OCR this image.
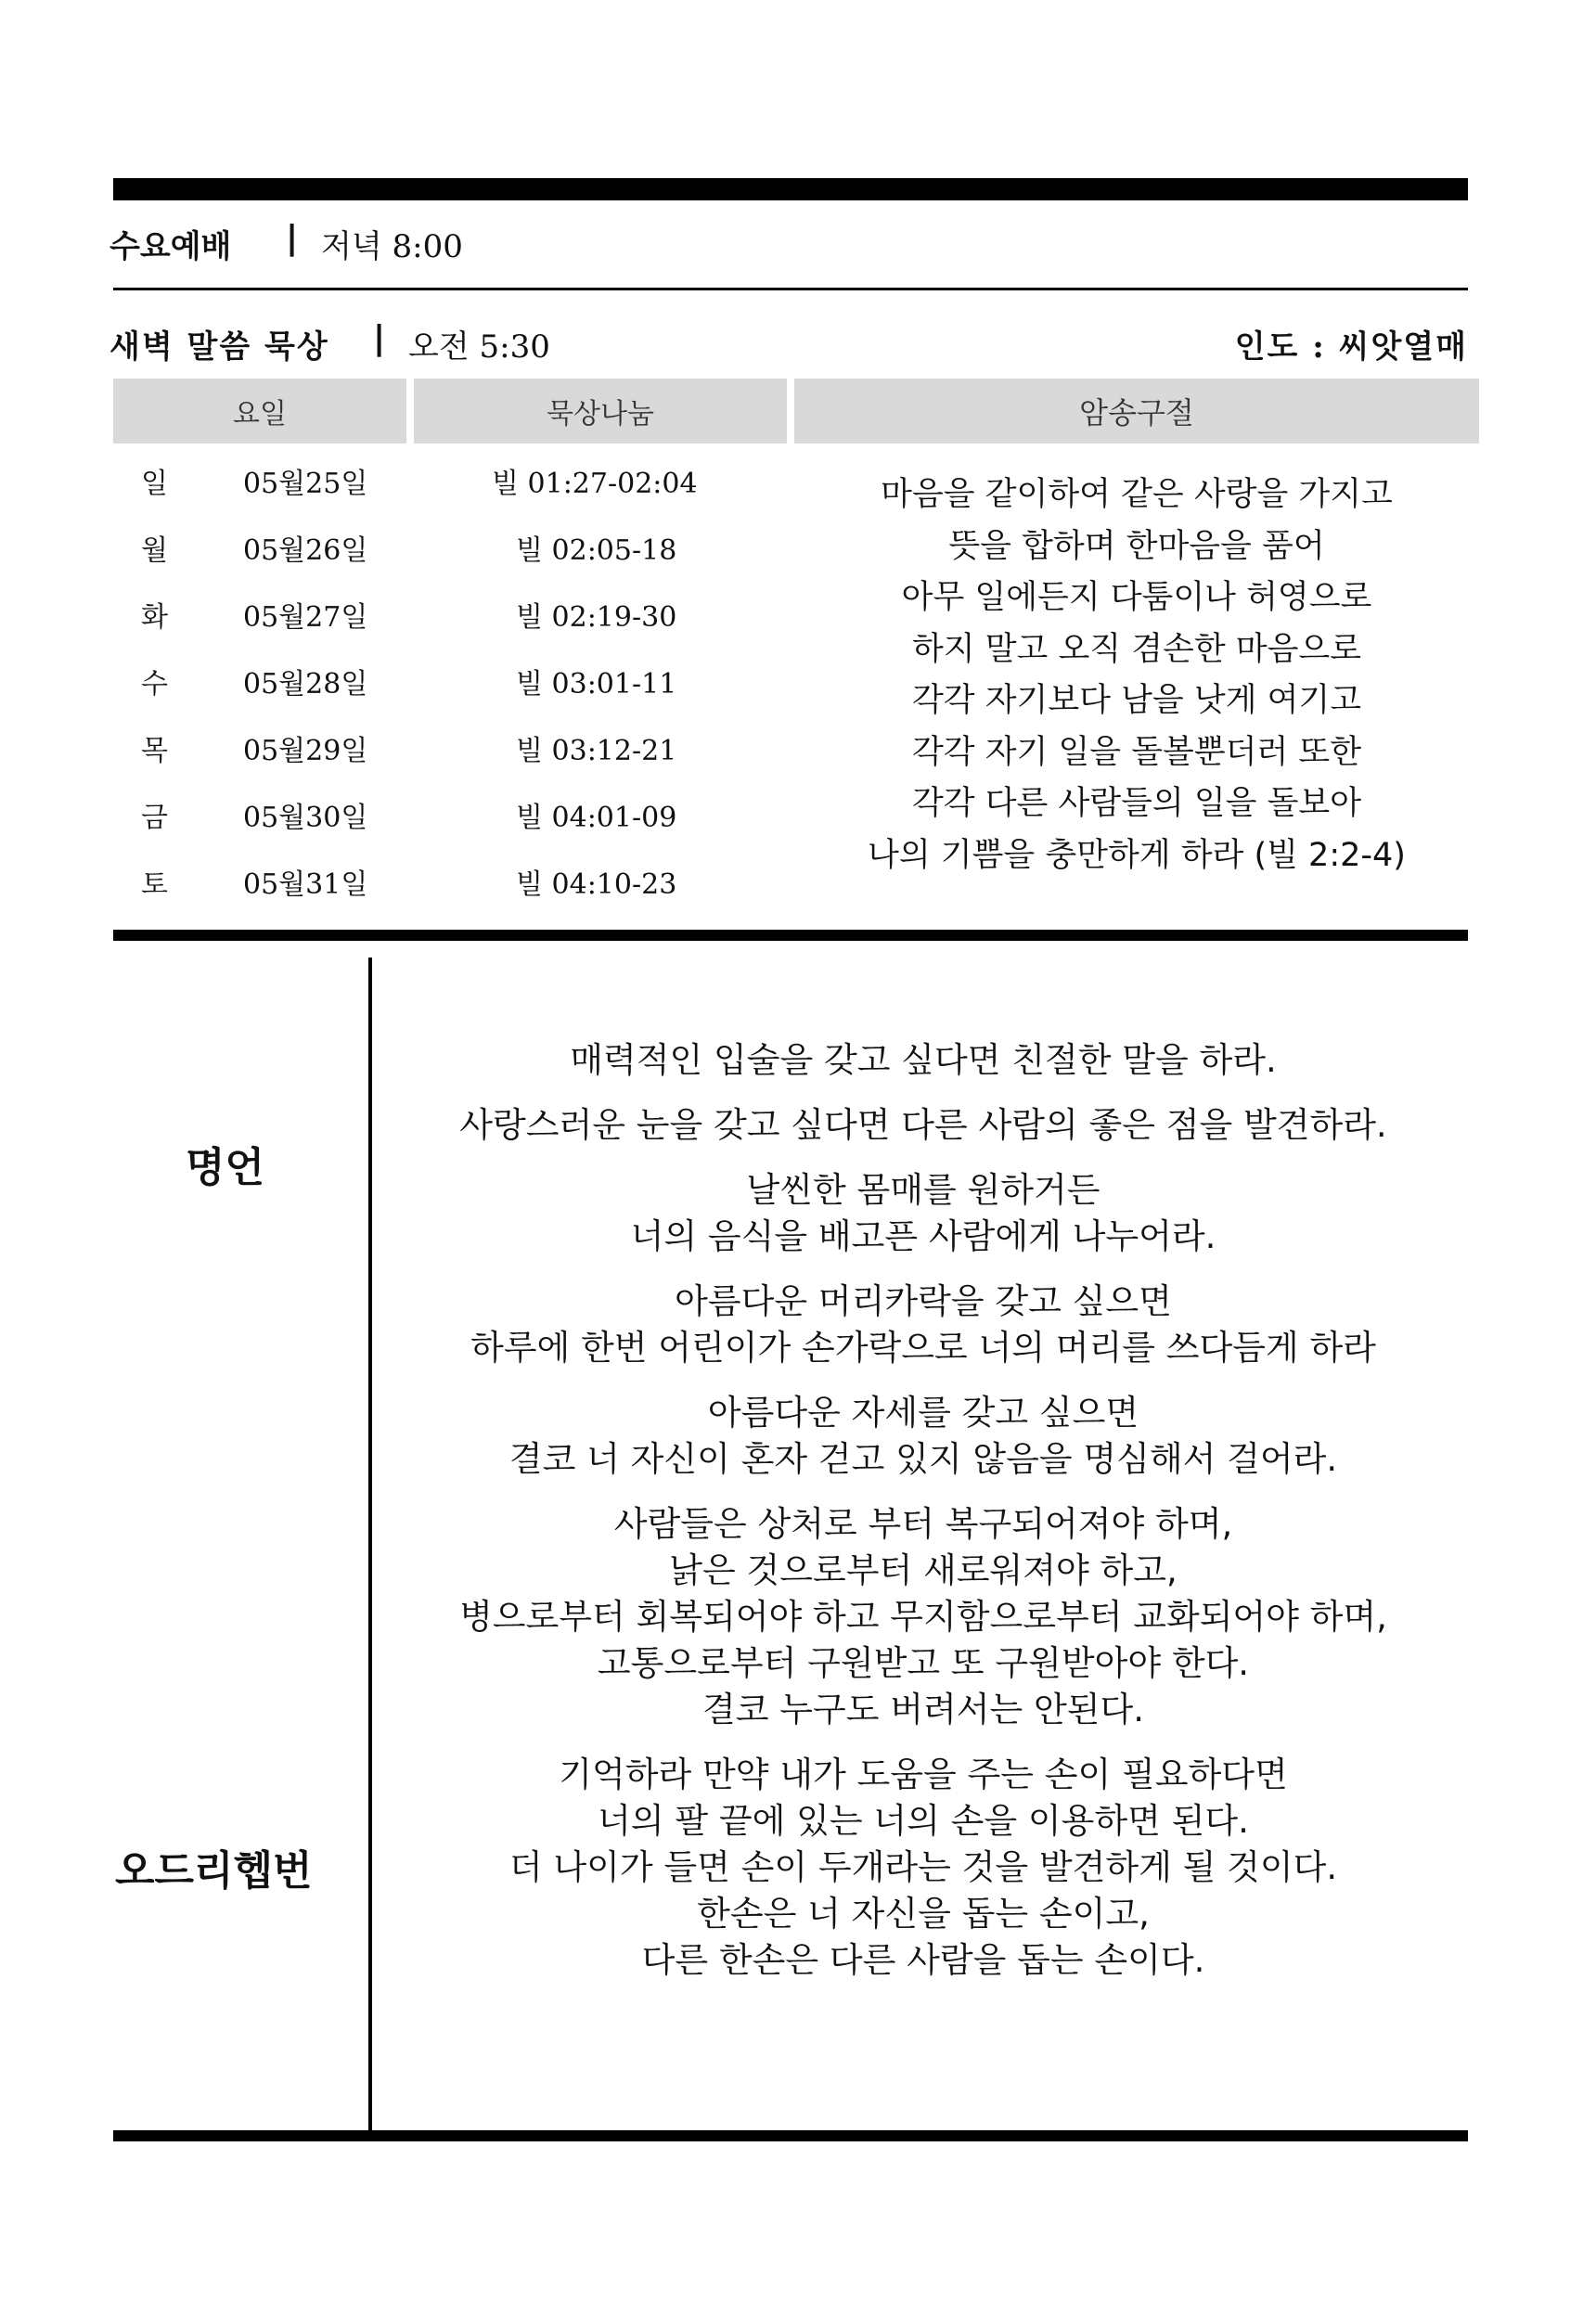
수요예배 | 저녁 8:00
새벽 말씀 묵상 | 오전 5:30	인도 : 씨앗열매
요일	묵상나눔	암송구절
일	05월25일	빌 01:27-02:04
월	05월26일	빌 02:05-18
화	05월27일	빌 02:19-30
수	05월28일	빌 03:01-11
목	05월29일	빌 03:12-21
금	05월30일	빌 04:01-09
토	05월31일	빌 04:10-23
마음을 같이하여 같은 사랑을 가지고
뜻을 합하며 한마음을 품어
아무 일에든지 다툼이나 허영으로
하지 말고 오직 겸손한 마음으로
각각 자기보다 남을 낫게 여기고
각각 자기 일을 돌볼뿐더러 또한
각각 다른 사람들의 일을 돌보아
나의 기쁨을 충만하게 하라 (빌 2:2-4)
명언
오드리헵번
매력적인 입술을 갖고 싶다면 친절한 말을 하라.
사랑스러운 눈을 갖고 싶다면 다른 사람의 좋은 점을 발견하라.
날씬한 몸매를 원하거든
너의 음식을 배고픈 사람에게 나누어라.
아름다운 머리카락을 갖고 싶으면
하루에 한번 어린이가 손가락으로 너의 머리를 쓰다듬게 하라
아름다운 자세를 갖고 싶으면
결코 너 자신이 혼자 걷고 있지 않음을 명심해서 걸어라.
사람들은 상처로 부터 복구되어져야 하며,
낡은 것으로부터 새로워져야 하고,
병으로부터 회복되어야 하고 무지함으로부터 교화되어야 하며,
고통으로부터 구원받고 또 구원받아야 한다.
결코 누구도 버려서는 안된다.
기억하라 만약 내가 도움을 주는 손이 필요하다면
너의 팔 끝에 있는 너의 손을 이용하면 된다.
더 나이가 들면 손이 두개라는 것을 발견하게 될 것이다.
한손은 너 자신을 돕는 손이고,
다른 한손은 다른 사람을 돕는 손이다.
